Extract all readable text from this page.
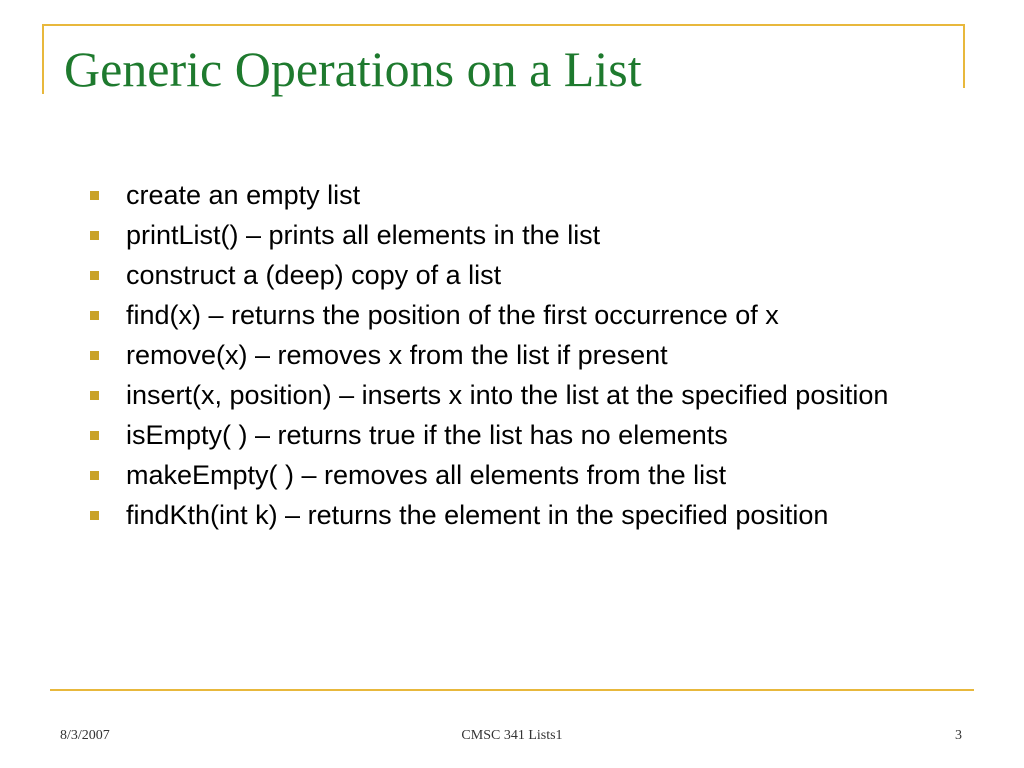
Generic Operations on a List
create an empty list
printList() – prints all elements in the list
construct a (deep) copy of a list
find(x) – returns the position of the first occurrence of x
remove(x) – removes x from the list if present
insert(x, position) – inserts x into the list at the specified position
isEmpty( ) – returns true if the list has no elements
makeEmpty( ) – removes all elements from the list
findKth(int k) – returns the element in the specified position
8/3/2007	CMSC 341 Lists1	3
